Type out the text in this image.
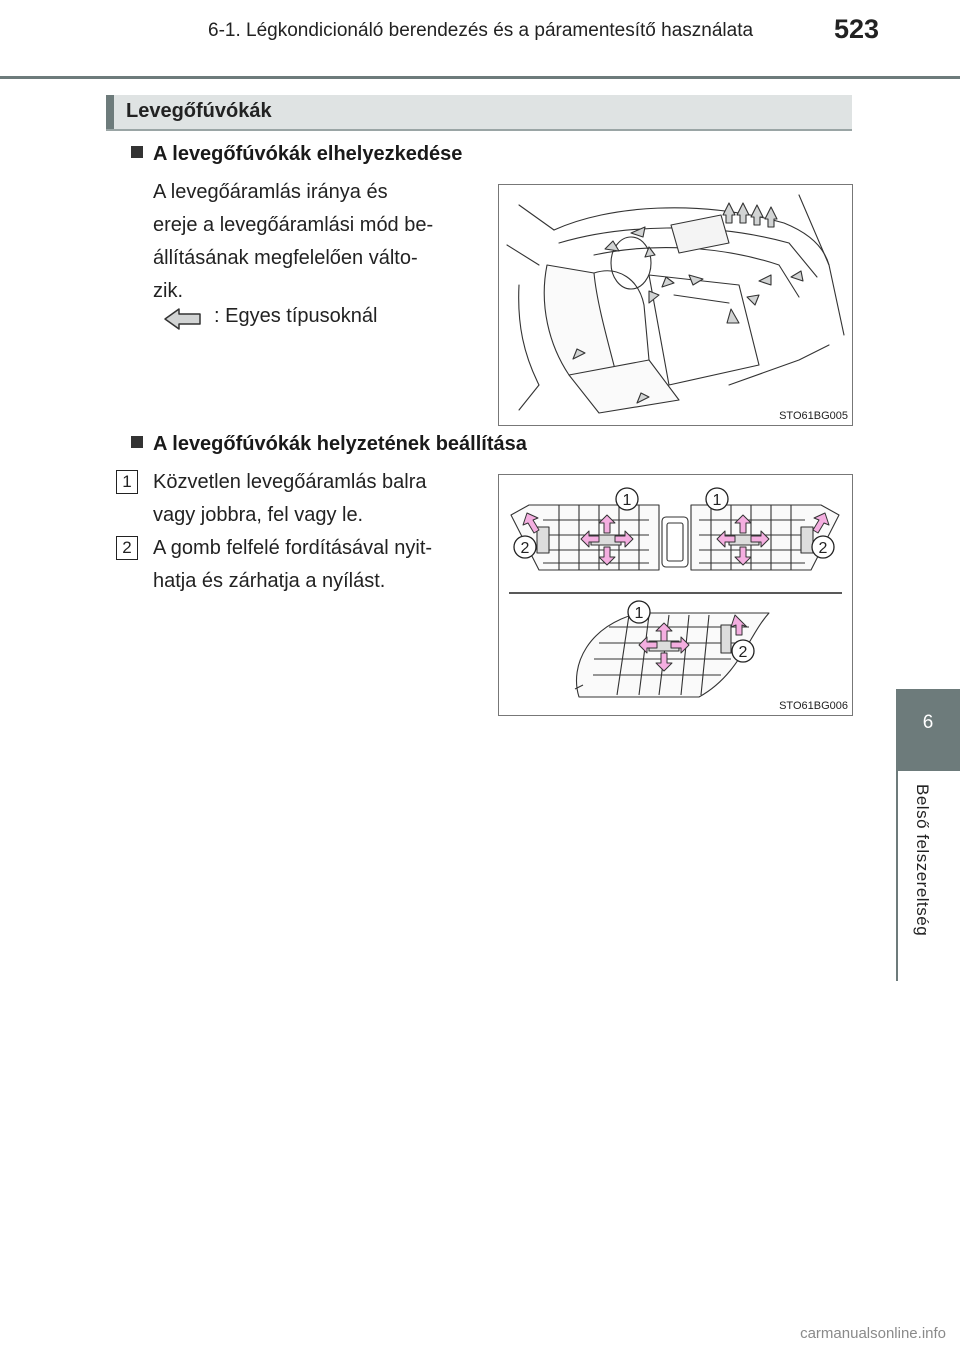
6-1. Légkondicionáló berendezés és a páramentesítő használata	523
6
Belső felszereltség
Levegőfúvókák
A levegőfúvókák elhelyezkedése
A levegőáramlás iránya és
ereje a levegőáramlási mód be-
állításának megfelelően válto-
zik.
: Egyes típusoknál
STO61BG005
A levegőfúvókák helyzetének beállítása
1	Közvetlen levegőáramlás balra
vagy jobbra, fel vagy le.
2	A gomb felfelé fordításával nyit-
hatja és zárhatja a nyílást.
1	1
2	2
1
2
STO61BG006
carmanualsonline.info
